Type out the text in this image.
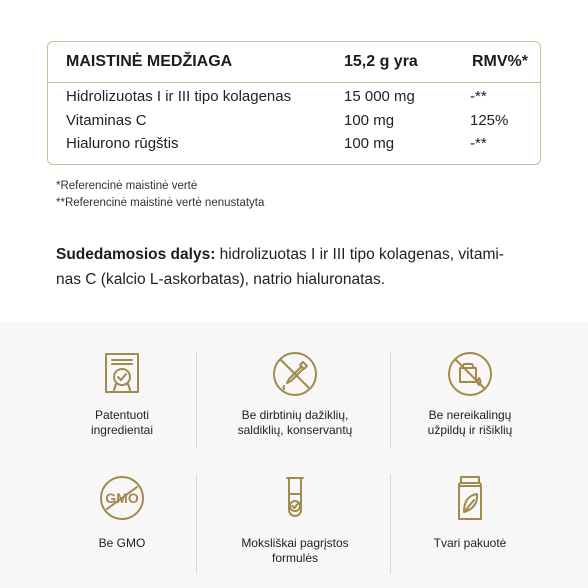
MAISTINĖ MEDŽIAGA	15,2 g yra	RMV%*
Hidrolizuotas I ir III tipo kolagenas	15 000 mg	-**
Vitaminas C	100 mg	125%
Hialurono rūgštis	100 mg	-**
*Referencinė maistinė vertė
**Referencinė maistinė vertė nenustatyta
Sudedamosios dalys: hidrolizuotas I ir III tipo kolagenas, vitami-
nas C (kalcio L-askorbatas), natrio hialuronatas.
Patentuoti
ingredientai
Be dirbtinių dažiklių,
saldiklių, konservantų
Be nereikalingų
užpildų ir rišiklių
GMO
Be GMO	Moksliškai pagrįstos
formulės
Tvari pakuotė
